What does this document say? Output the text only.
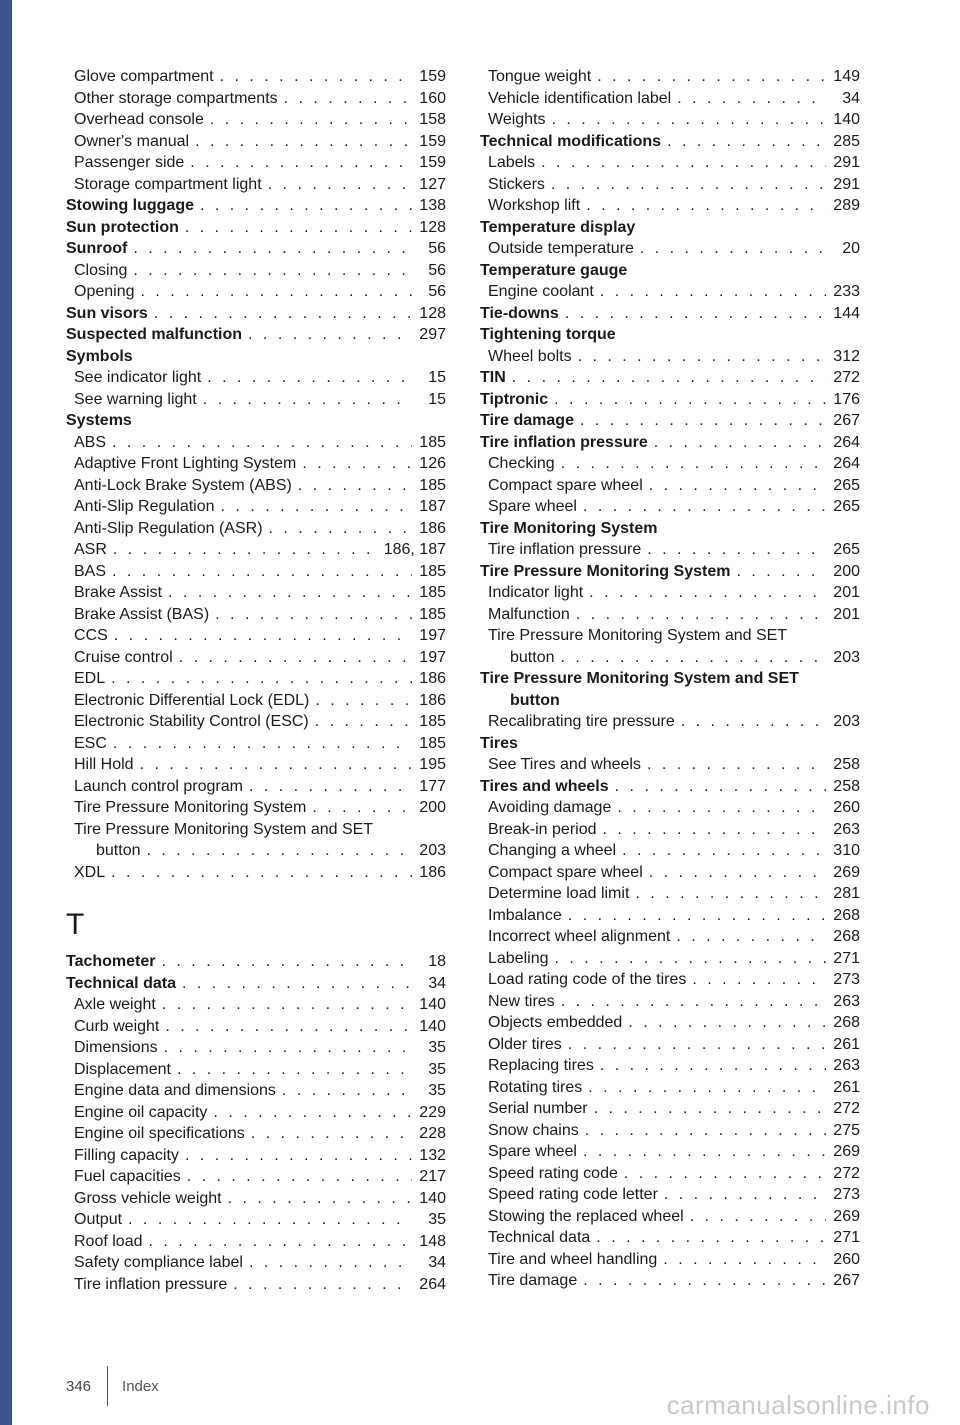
Glove compartment . . .	159
Other storage compartments . . .	160
Overhead console . . .	158
Owner's manual . . .	159
Passenger side . . .	159
Storage compartment light . . .	127
Stowing luggage . . .	138
Sun protection . . .	128
Sunroof . . .	56
Closing . . .	56
Opening . . .	56
Sun visors . . .	128
Suspected malfunction . . .	297
Symbols
See indicator light . . .	15
See warning light . . .	15
Systems
ABS . . .	185
Adaptive Front Lighting System . . .	126
Anti-Lock Brake System (ABS) . . .	185
Anti-Slip Regulation . . .	187
Anti-Slip Regulation (ASR) . . .	186
ASR . . .	186, 187
BAS . . .	185
Brake Assist . . .	185
Brake Assist (BAS) . . .	185
CCS . . .	197
Cruise control . . .	197
EDL . . .	186
Electronic Differential Lock (EDL) . . .	186
Electronic Stability Control (ESC) . . .	185
ESC . . .	185
Hill Hold . . .	195
Launch control program . . .	177
Tire Pressure Monitoring System . . .	200
Tire Pressure Monitoring System and SET
button . . .	203
XDL . . .	186
T
Tachometer . . .	18
Technical data . . .	34
Axle weight . . .	140
Curb weight . . .	140
Dimensions . . .	35
Displacement . . .	35
Engine data and dimensions . . .	35
Engine oil capacity . . .	229
Engine oil specifications . . .	228
Filling capacity . . .	132
Fuel capacities . . .	217
Gross vehicle weight . . .	140
Output . . .	35
Roof load . . .	148
Safety compliance label . . .	34
Tire inflation pressure . . .	264
Tongue weight . . .	149
Vehicle identification label . . .	34
Weights . . .	140
Technical modifications . . .	285
Labels . . .	291
Stickers . . .	291
Workshop lift . . .	289
Temperature display
Outside temperature . . .	20
Temperature gauge
Engine coolant . . .	233
Tie-downs . . .	144
Tightening torque
Wheel bolts . . .	312
TIN . . .	272
Tiptronic . . .	176
Tire damage . . .	267
Tire inflation pressure . . .	264
Checking . . .	264
Compact spare wheel . . .	265
Spare wheel . . .	265
Tire Monitoring System
Tire inflation pressure . . .	265
Tire Pressure Monitoring System . . .	200
Indicator light . . .	201
Malfunction . . .	201
Tire Pressure Monitoring System and SET
button . . .	203
Tire Pressure Monitoring System and SET
button
Recalibrating tire pressure . . .	203
Tires
See Tires and wheels . . .	258
Tires and wheels . . .	258
Avoiding damage . . .	260
Break-in period . . .	263
Changing a wheel . . .	310
Compact spare wheel . . .	269
Determine load limit . . .	281
Imbalance . . .	268
Incorrect wheel alignment . . .	268
Labeling . . .	271
Load rating code of the tires . . .	273
New tires . . .	263
Objects embedded . . .	268
Older tires . . .	261
Replacing tires . . .	263
Rotating tires . . .	261
Serial number . . .	272
Snow chains . . .	275
Spare wheel . . .	269
Speed rating code . . .	272
Speed rating code letter . . .	273
Stowing the replaced wheel . . .	269
Technical data . . .	271
Tire and wheel handling . . .	260
Tire damage . . .	267
346 Index
carmanualsonline.info
